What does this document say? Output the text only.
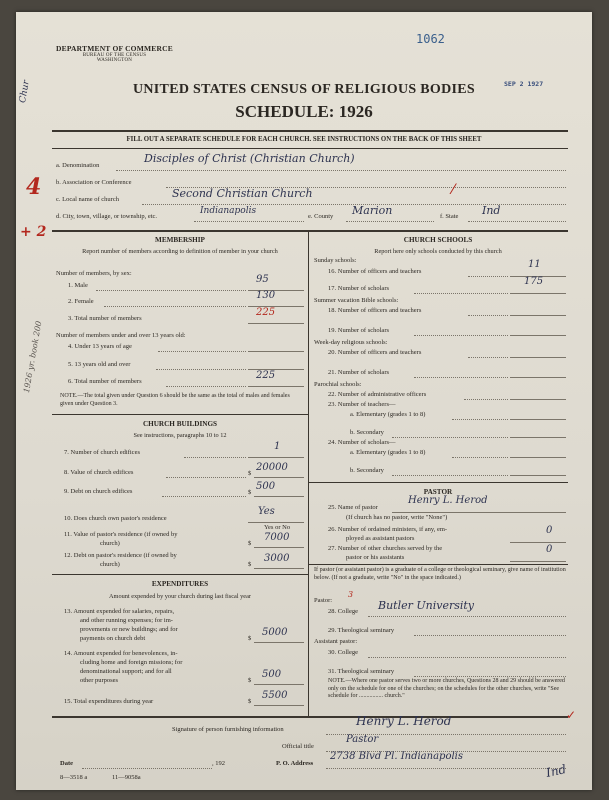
DEPARTMENT OF COMMERCE
BUREAU OF THE CENSUS
WASHINGTON
1062
SEP 2 1927
UNITED STATES CENSUS OF RELIGIOUS BODIES
SCHEDULE: 1926
FILL OUT A SEPARATE SCHEDULE FOR EACH CHURCH. SEE INSTRUCTIONS ON THE BACK OF THIS SHEET
Chur
1926 yr. book 200
4
+ 2
a. Denomination
Disciples of Christ (Christian Church)
b. Association or Conference
c. Local name of church	Second Christian Church
d. City, town, village, or township, etc.
Indianapolis
e. County Marion	f. State Ind
MEMBERSHIP
Report number of members according to definition of member in your church
Number of members, by sex:
1. Male
95
2. Female
130
3. Total number of members
225
Number of members under and over 13 years old:
4. Under 13 years of age
5. 13 years old and over
6. Total number of members
225
NOTE.—The total given under Question 6 should be the same as the total of males and females given under Question 3.
CHURCH BUILDINGS
See instructions, paragraphs 10 to 12
7. Number of church edifices
1
8. Value of church edifices	$
20000
9. Debt on church edifices	$
500
10. Does church own pastor's residence
Yes or No
Yes
11. Value of pastor's residence (if owned by
church)	$
7000
12. Debt on pastor's residence (if owned by
church)	$
3000
EXPENDITURES
Amount expended by your church during last fiscal year
13. Amount expended for salaries, repairs,
and other running expenses; for im-
provements or new buildings; and for
payments on church debt	$
5000
14. Amount expended for benevolences, in-
cluding home and foreign missions; for
denominational support; and for all
other purposes	$
500
15. Total expenditures during year	$
5500
CHURCH SCHOOLS
Report here only schools conducted by this church
Sunday schools:
16. Number of officers and teachers
11
17. Number of scholars
175
Summer vacation Bible schools:
18. Number of officers and teachers
19. Number of scholars
Week-day religious schools:
20. Number of officers and teachers
21. Number of scholars
Parochial schools:
22. Number of administrative officers
23. Number of teachers—
a. Elementary (grades 1 to 8)
b. Secondary
24. Number of scholars—
a. Elementary (grades 1 to 8)
b. Secondary
PASTOR
25. Name of pastor
Henry L. Herod
(If church has no pastor, write "None")
26. Number of ordained ministers, if any, em-
ployed as assistant pastors
0
27. Number of other churches served by the
pastor or his assistants
0
If pastor (or assistant pastor) is a graduate of a college or theological seminary, give name of institution below. (If not a graduate, write "No" in the space indicated.)
Pastor:
3
28. College Butler University
29. Theological seminary
Assistant pastor:
30. College
31. Theological seminary
NOTE.—Where one pastor serves two or more churches, Questions 28 and 29 should be answered only on the schedule for one of the churches; on the schedules for the other churches, write "See schedule for ................ church."
Signature of person furnishing information
Henry L. Herod
Official title
Pastor
Date	, 192	P. O. Address
2738 Blvd Pl. Indianapolis
8—3518 a	11—9058a	Ind
⁄
✓
